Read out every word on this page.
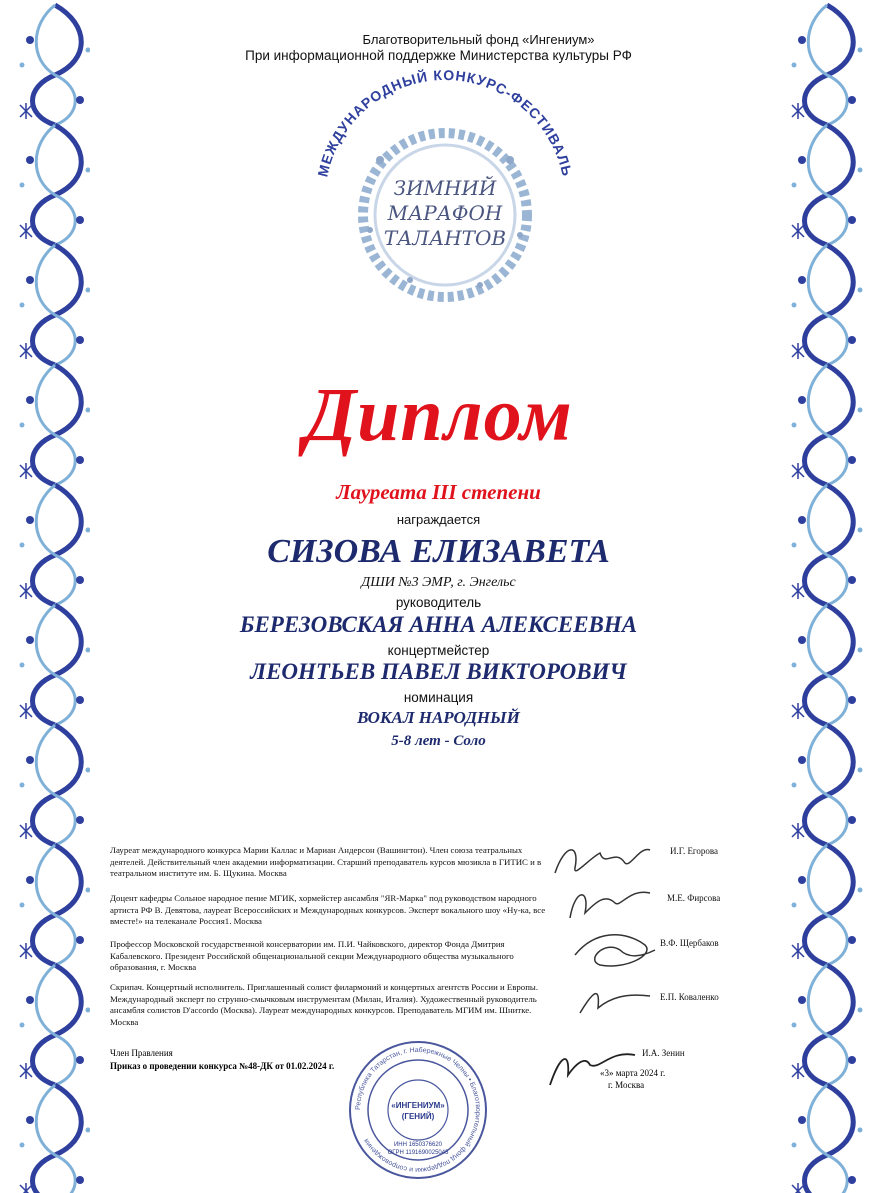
Благотворительный фонд «Ингениум»
При информационной поддержке Министерства культуры РФ
МЕЖДУНАРОДНЫЙ КОНКУРС-ФЕСТИВАЛЬ
ЗИМНИЙ
МАРАФОН
ТАЛАНТОВ
Диплом
Лауреата III степени
награждается
СИЗОВА ЕЛИЗАВЕТА
ДШИ №3 ЭМР, г. Энгельс
руководитель
БЕРЕЗОВСКАЯ АННА АЛЕКСЕЕВНА
концертмейстер
ЛЕОНТЬЕВ ПАВЕЛ ВИКТОРОВИЧ
номинация
ВОКАЛ НАРОДНЫЙ
5-8 лет - Соло
Лауреат международного конкурса Марии Каллас и Мариан Андерсон (Вашингтон). Член союза театральных деятелей. Действительный член академии информатизации. Старший преподаватель курсов мюзикла в ГИТИС и в театральном институте им. Б. Щукина. Москва
И.Г. Егорова
Доцент кафедры Сольное народное пение МГИК, хормейстер ансамбля "ЯR-Марка" под руководством народного артиста РФ В. Девятова, лауреат Всероссийских и Международных конкурсов. Эксперт вокального шоу «Ну-ка, все вместе!» на телеканале Россия1. Москва
М.Е. Фирсова
Профессор Московской государственной консерватории им. П.И. Чайковского, директор Фонда Дмитрия Кабалевского. Президент Российской общенациональной секции Международного общества музыкального образования, г. Москва
В.Ф. Щербаков
Скрипач. Концертный исполнитель. Приглашенный солист филармоний и концертных агентств России и Европы. Международный эксперт по струнно-смычковым инструментам (Милан, Италия). Художественный руководитель ансамбля солистов D'accordo (Москва). Лауреат международных конкурсов. Преподаватель МГИМ им. Шнитке. Москва
Е.П. Коваленко
Член Правления	И.А. Зенин
Приказ о проведении конкурса №48-ДК от 01.02.2024 г.
«3» марта 2024 г.
г. Москва
Республика Татарстан, г. Набережные Челны • Благотворительный фонд поддержки и сопровождения
«ИНГЕНИУМ»
(ГЕНИЙ)
ИНН 1650376620
ОГРН 1191690025043
